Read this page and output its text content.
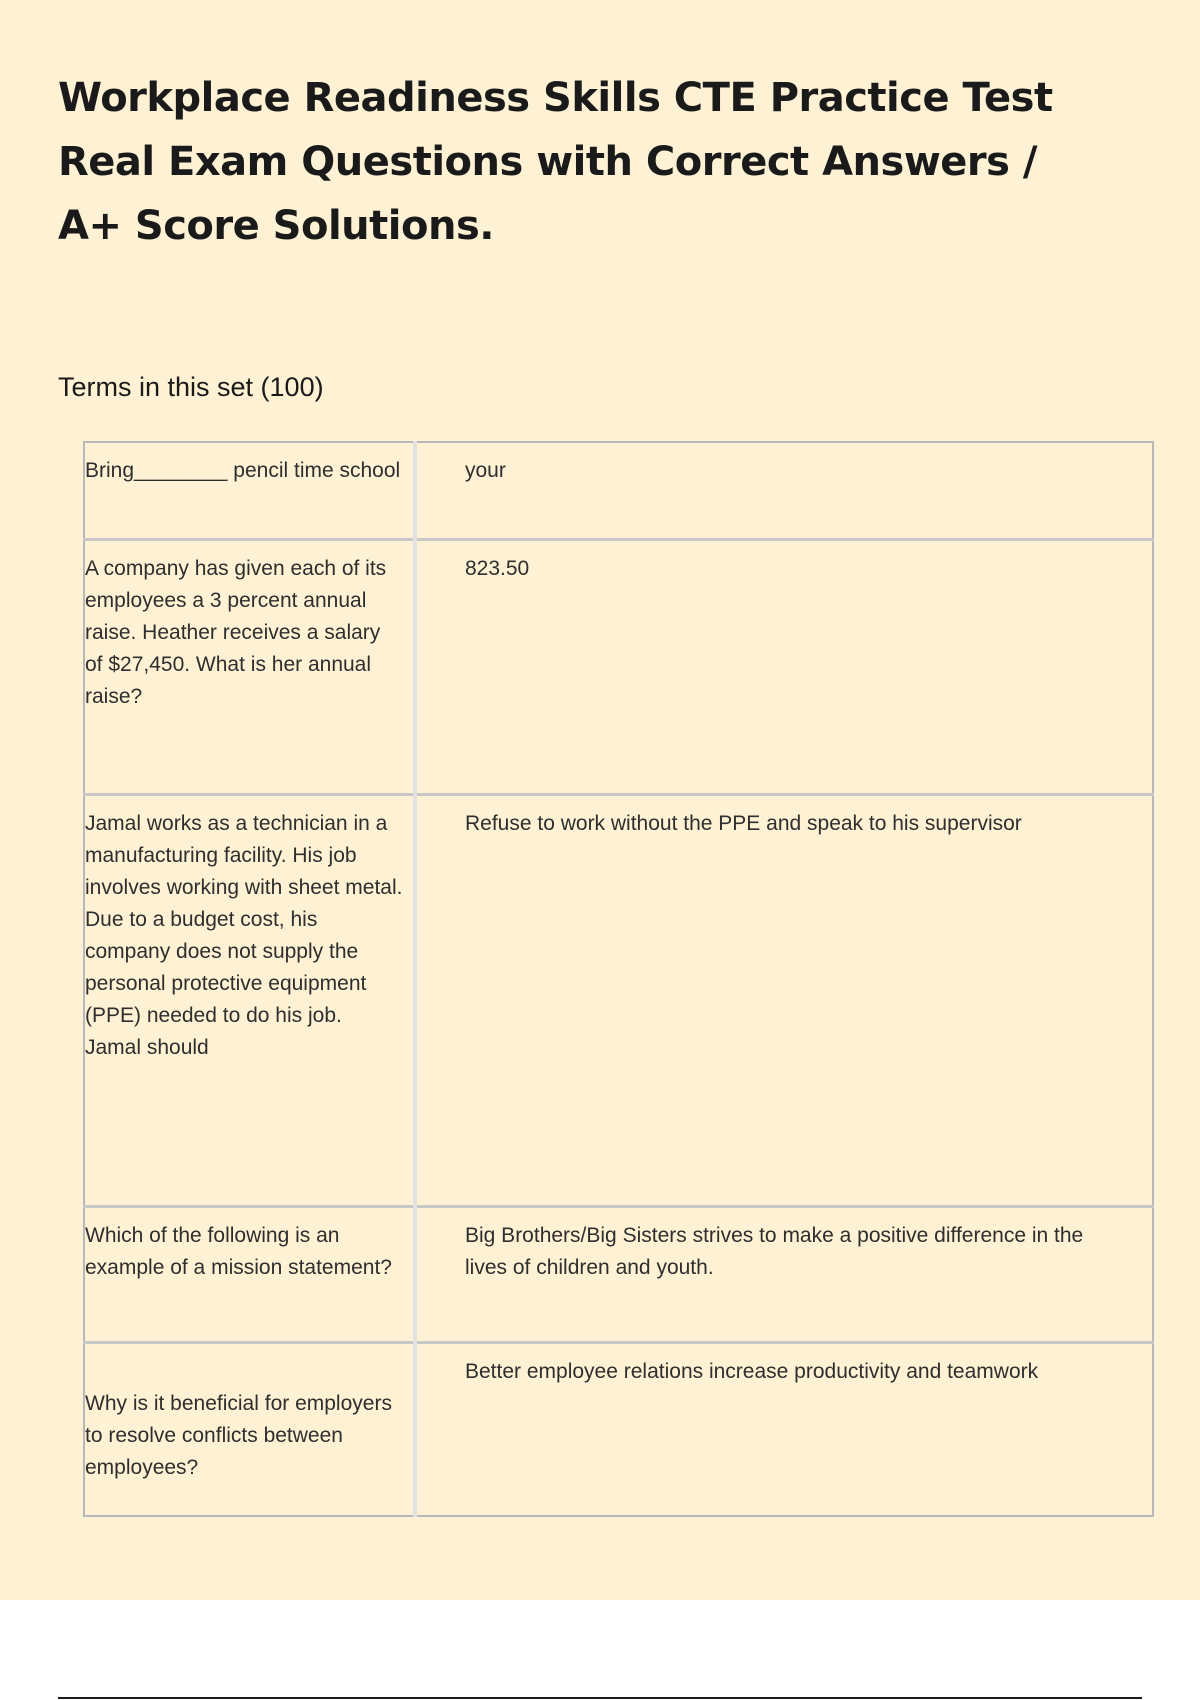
Workplace Readiness Skills CTE Practice Test Real Exam Questions with Correct Answers / A+ Score Solutions.

Terms in this set (100)

Bring________ pencil time school	your
A company has given each of its employees a 3 percent annual raise. Heather receives a salary of $27,450. What is her annual raise?	823.50
Jamal works as a technician in a manufacturing facility. His job involves working with sheet metal. Due to a budget cost, his company does not supply the personal protective equipment (PPE) needed to do his job. Jamal should	Refuse to work without the PPE and speak to his supervisor
Which of the following is an example of a mission statement?	Big Brothers/Big Sisters strives to make a positive difference in the lives of children and youth.
Why is it beneficial for employers to resolve conflicts between employees?	Better employee relations increase productivity and teamwork
